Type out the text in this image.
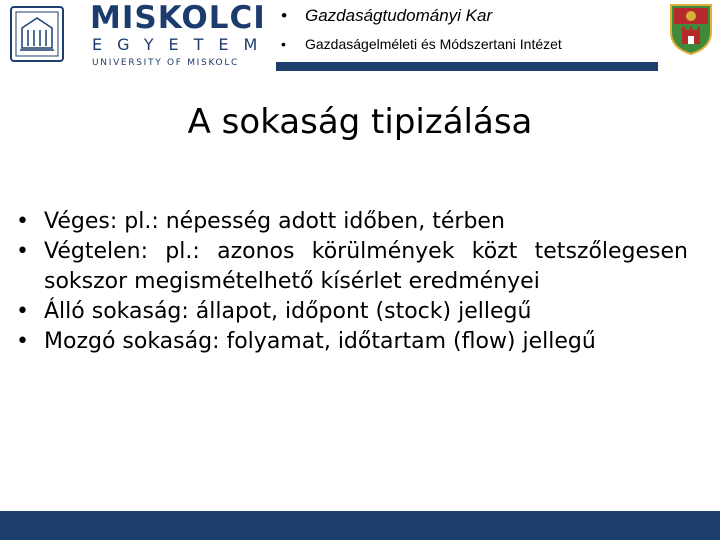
MISKOLCI
EGYETEM
UNIVERSITY OF MISKOLC
• Gazdaságtudományi Kar
• Gazdaságelméleti és Módszertani Intézet
A sokaság tipizálása
• Véges: pl.: népesség adott időben, térben
• Végtelen: pl.: azonos körülmények közt tetszőlegesen sokszor megismételhető kísérlet eredményei
• Álló sokaság: állapot, időpont (stock) jellegű
• Mozgó sokaság: folyamat, időtartam (flow) jellegű
